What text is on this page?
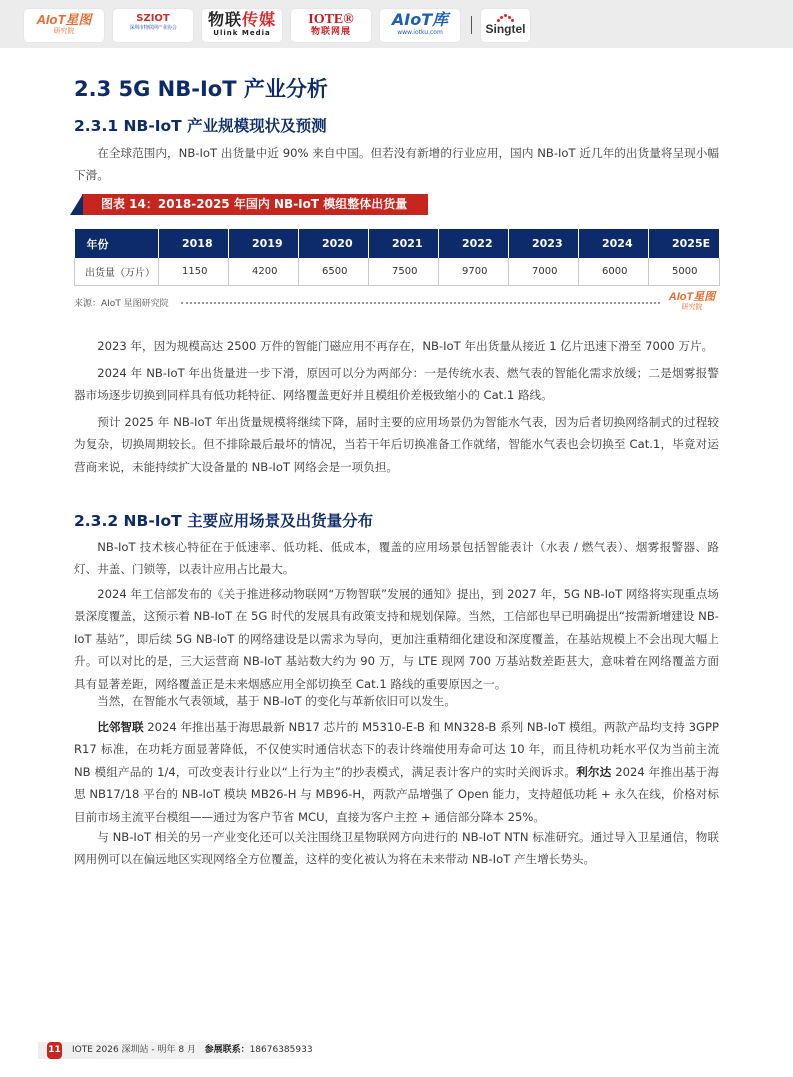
AIoT星图
研究院
SZIOT
深圳市物联网产业协会	物联传媒
Ulink Media
IOTE®
物联网展
AIoT库
www.iotku.com	Singtel
2.3 5G NB-IoT 产业分析
2.3.1 NB-IoT 产业规模现状及预测
在全球范围内，NB-IoT 出货量中近 90% 来自中国。但若没有新增的行业应用，国内 NB-IoT 近几年的出货量将呈现小幅下滑。
图表 14：2018-2025 年国内 NB-IoT 模组整体出货量
年份	2018	2019	2020	2021	2022	2023	2024	2025E
出货量（万片）	1150	4200	6500	7500	9700	7000	6000	5000
来源：AIoT 星图研究院
AIoT星图
研究院
2023 年，因为规模高达 2500 万件的智能门磁应用不再存在，NB-IoT 年出货量从接近 1 亿片迅速下滑至 7000 万片。
2024 年 NB-IoT 年出货量进一步下滑，原因可以分为两部分：一是传统水表、燃气表的智能化需求放缓；二是烟雾报警器市场逐步切换到同样具有低功耗特征、网络覆盖更好并且模组价差极致缩小的 Cat.1 路线。
预计 2025 年 NB-IoT 年出货量规模将继续下降，届时主要的应用场景仍为智能水气表，因为后者切换网络制式的过程较为复杂，切换周期较长。但不排除最后最坏的情况，当若干年后切换准备工作就绪，智能水气表也会切换至 Cat.1，毕竟对运营商来说，未能持续扩大设备量的 NB-IoT 网络会是一项负担。
2.3.2 NB-IoT 主要应用场景及出货量分布
NB-IoT 技术核心特征在于低速率、低功耗、低成本，覆盖的应用场景包括智能表计（水表 / 燃气表）、烟雾报警器、路灯、井盖、门锁等，以表计应用占比最大。
2024 年工信部发布的《关于推进移动物联网“万物智联”发展的通知》提出，到 2027 年，5G NB-IoT 网络将实现重点场景深度覆盖，这预示着 NB-IoT 在 5G 时代的发展具有政策支持和规划保障。当然，工信部也早已明确提出“按需新增建设 NB-IoT 基站”，即后续 5G NB-IoT 的网络建设是以需求为导向，更加注重精细化建设和深度覆盖，在基站规模上不会出现大幅上升。可以对比的是，三大运营商 NB-IoT 基站数大约为 90 万，与 LTE 现网 700 万基站数差距甚大，意味着在网络覆盖方面具有显著差距，网络覆盖正是未来烟感应用全部切换至 Cat.1 路线的重要原因之一。
当然，在智能水气表领域，基于 NB-IoT 的变化与革新依旧可以发生。
比邻智联 2024 年推出基于海思最新 NB17 芯片的 M5310-E-B 和 MN328-B 系列 NB-IoT 模组。两款产品均支持 3GPP R17 标准，在功耗方面显著降低，不仅使实时通信状态下的表计终端使用寿命可达 10 年，而且待机功耗水平仅为当前主流 NB 模组产品的 1/4，可改变表计行业以“上行为主”的抄表模式，满足表计客户的实时关阀诉求。利尔达 2024 年推出基于海思 NB17/18 平台的 NB-IoT 模块 MB26-H 与 MB96-H，两款产品增强了 Open 能力，支持超低功耗 + 永久在线，价格对标目前市场主流平台模组——通过为客户节省 MCU，直接为客户主控 + 通信部分降本 25%。
与 NB-IoT 相关的另一产业变化还可以关注围绕卫星物联网方向进行的 NB-IoT NTN 标准研究。通过导入卫星通信，物联网用例可以在偏远地区实现网络全方位覆盖，这样的变化被认为将在未来带动 NB-IoT 产生增长势头。
11 IOTE 2026 深圳站 - 明年 8 月 参展联系：18676385933
